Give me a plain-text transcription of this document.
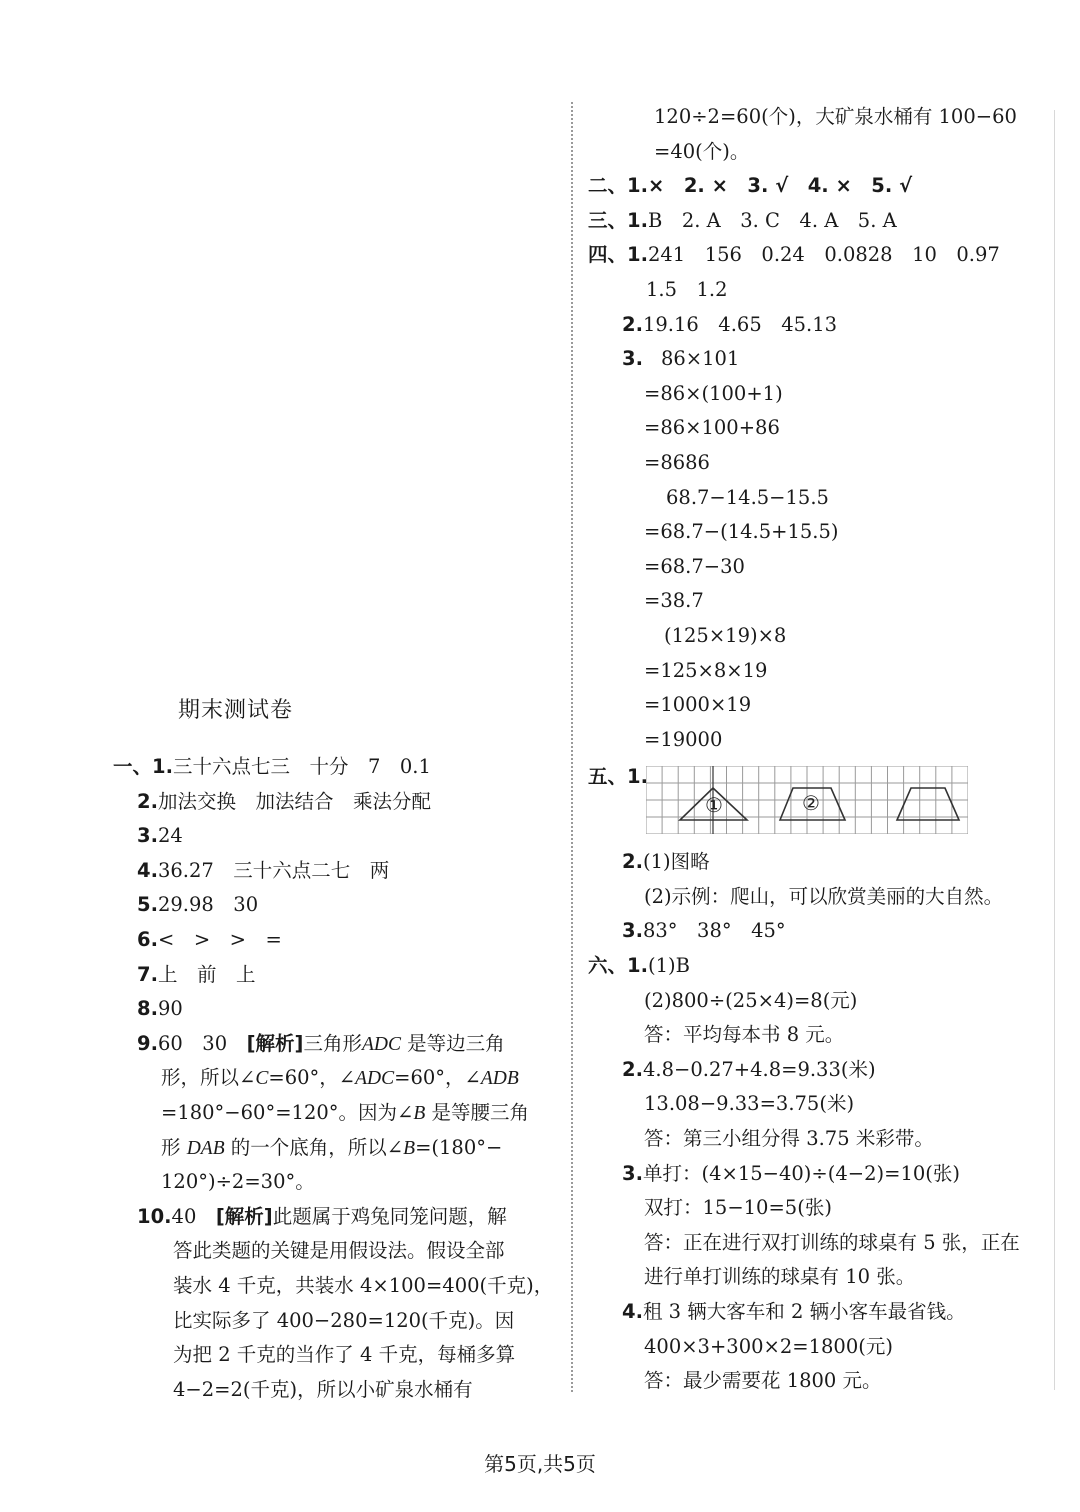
期末测试卷
一、1.三十六点七三　十分　7　0.1
2.加法交换　加法结合　乘法分配
3.24
4.36.27　三十六点二七　两
5.29.98　30
6.<　>　>　=
7.上　前　上
8.90
9.60　30　[解析]三角形ADC 是等边三角
形，所以∠C=60°，∠ADC=60°，∠ADB
=180°−60°=120°。因为∠B 是等腰三角
形 DAB 的一个底角，所以∠B=(180°−
120°)÷2=30°。
10.40　[解析]此题属于鸡兔同笼问题，解
答此类题的关键是用假设法。假设全部
装水 4 千克，共装水 4×100=400(千克)，
比实际多了 400−280=120(千克)。因
为把 2 千克的当作了 4 千克，每桶多算
4−2=2(千克)，所以小矿泉水桶有
120÷2=60(个)，大矿泉水桶有 100−60
=40(个)。
二、1.×　2. ×　3. √　4. ×　5. √
三、1.B　2. A　3. C　4. A　5. A
四、1.241　156　0.24　0.0828　10　0.97
1.5　1.2
2.19.16　4.65　45.13
3. 86×101
=86×(100+1)
=86×100+86
=8686
68.7−14.5−15.5
=68.7−(14.5+15.5)
=68.7−30
=38.7
(125×19)×8
=125×8×19
=1000×19
=19000
五、1.
2.(1)图略
(2)示例：爬山，可以欣赏美丽的大自然。
3.83°　38°　45°
六、1.(1)B
(2)800÷(25×4)=8(元)
答：平均每本书 8 元。
2.4.8−0.27+4.8=9.33(米)
13.08−9.33=3.75(米)
答：第三小组分得 3.75 米彩带。
3.单打：(4×15−40)÷(4−2)=10(张)
双打：15−10=5(张)
答：正在进行双打训练的球桌有 5 张，正在
进行单打训练的球桌有 10 张。
4.租 3 辆大客车和 2 辆小客车最省钱。
400×3+300×2=1800(元)
答：最少需要花 1800 元。
①	②
第5页,共5页
